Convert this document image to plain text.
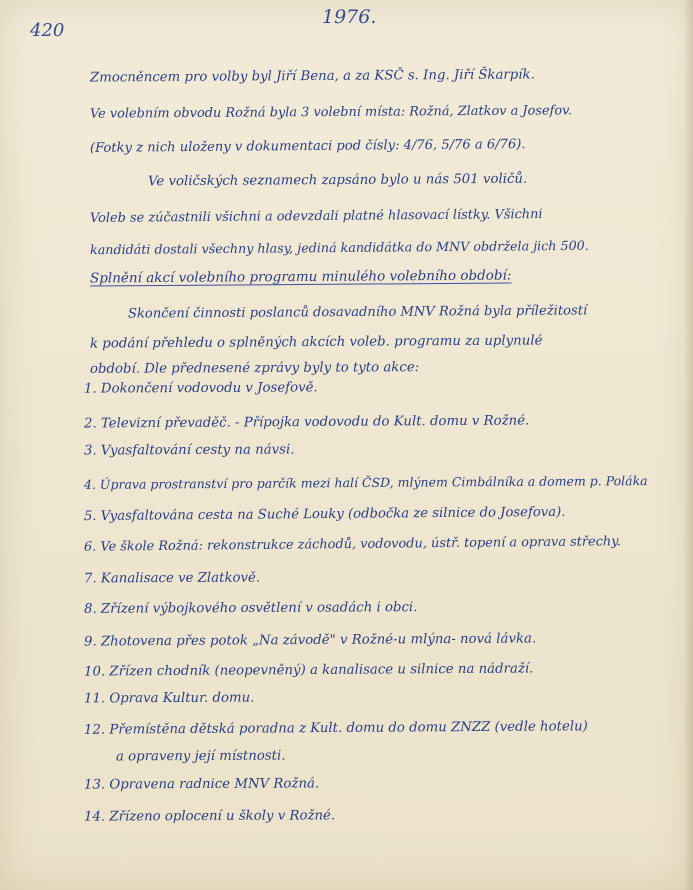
420
1976.
Zmocněncem pro volby byl Jiří Bena, a za KSČ s. Ing. Jiří Škarpík.
Ve volebním obvodu Rožná byla 3 volební místa: Rožná, Zlatkov a Josefov.
(Fotky z nich uloženy v dokumentaci pod čísly: 4/76, 5/76 a 6/76).
Ve voličských seznamech zapsáno bylo u nás 501 voličů.
Voleb se zúčastnili všichni a odevzdali platné hlasovací lístky. Všichni
kandidáti dostali všechny hlasy, jediná kandidátka do MNV obdržela jich 500.
Splnění akcí volebního programu minulého volebního období:
Skončení činnosti poslanců dosavadního MNV Rožná byla příležitostí
k podání přehledu o splněných akcích voleb. programu za uplynulé
období. Dle přednesené zprávy byly to tyto akce:
1. Dokončení vodovodu v Josefově.
2. Televizní převaděč. - Přípojka vodovodu do Kult. domu v Rožné.
3. Vyasfaltování cesty na návsi.
4. Úprava prostranství pro parčík mezi halí ČSD, mlýnem Cimbálníka a domem p. Poláka
5. Vyasfaltována cesta na Suché Louky (odbočka ze silnice do Josefova).
6. Ve škole Rožná: rekonstrukce záchodů, vodovodu, ústř. topení a oprava střechy.
7. Kanalisace ve Zlatkově.
8. Zřízení výbojkového osvětlení v osadách i obci.
9. Zhotovena přes potok „Na závodě" v Rožné-u mlýna- nová lávka.
10. Zřízen chodník (neopevněný) a kanalisace u silnice na nádraží.
11. Oprava Kultur. domu.
12. Přemístěna dětská poradna z Kult. domu do domu ZNZZ (vedle hotelu)
a opraveny její místnosti.
13. Opravena radnice MNV Rožná.
14. Zřízeno oplocení u školy v Rožné.
